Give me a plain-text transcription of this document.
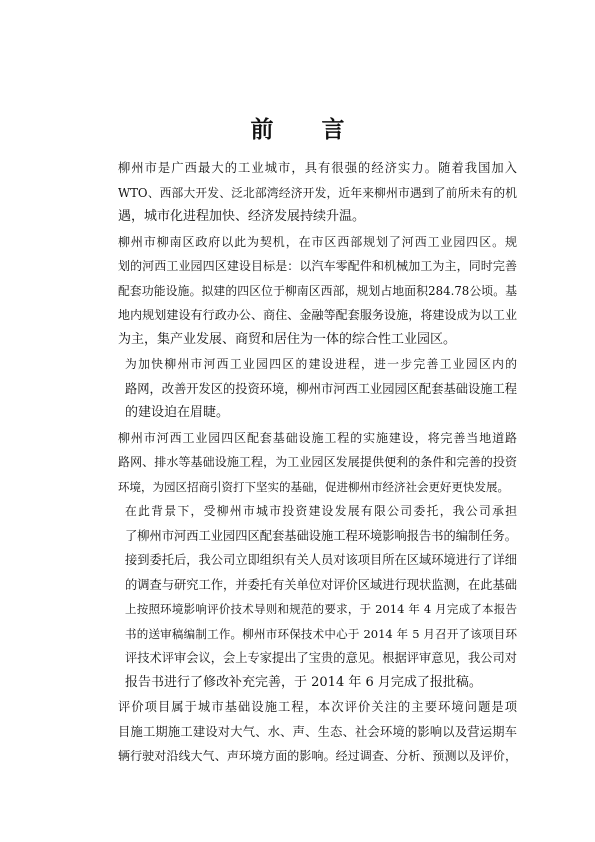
前 言

柳州市是广西最大的工业城市，具有很强的经济实力。随着我国加入
WTO、西部大开发、泛北部湾经济开发，近年来柳州市遇到了前所未有的机
遇，城市化进程加快、经济发展持续升温。

柳州市柳南区政府以此为契机，在市区西部规划了河西工业园四区。规
划的河西工业园四区建设目标是：以汽车零配件和机械加工为主，同时完善
配套功能设施。拟建的四区位于柳南区西部，规划占地面积284.78公顷。基
地内规划建设有行政办公、商住、金融等配套服务设施，将建设成为以工业
为主，集产业发展、商贸和居住为一体的综合性工业园区。

为加快柳州市河西工业园四区的建设进程，进一步完善工业园区内的
路网，改善开发区的投资环境，柳州市河西工业园园区配套基础设施工程
的建设迫在眉睫。

柳州市河西工业园四区配套基础设施工程的实施建设，将完善当地道路
路网、排水等基础设施工程，为工业园区发展提供便利的条件和完善的投资
环境，为园区招商引资打下坚实的基础，促进柳州市经济社会更好更快发展。

在此背景下，受柳州市城市投资建设发展有限公司委托，我公司承担
了柳州市河西工业园四区配套基础设施工程环境影响报告书的编制任务。
接到委托后，我公司立即组织有关人员对该项目所在区域环境进行了详细
的调查与研究工作，并委托有关单位对评价区域进行现状监测，在此基础
上按照环境影响评价技术导则和规范的要求，于 2014 年 4 月完成了本报告
书的送审稿编制工作。柳州市环保技术中心于 2014 年 5 月召开了该项目环
评技术评审会议，会上专家提出了宝贵的意见。根据评审意见，我公司对
报告书进行了修改补充完善，于 2014 年 6 月完成了报批稿。

评价项目属于城市基础设施工程，本次评价关注的主要环境问题是项
目施工期施工建设对大气、水、声、生态、社会环境的影响以及营运期车
辆行驶对沿线大气、声环境方面的影响。经过调查、分析、预测以及评价，
